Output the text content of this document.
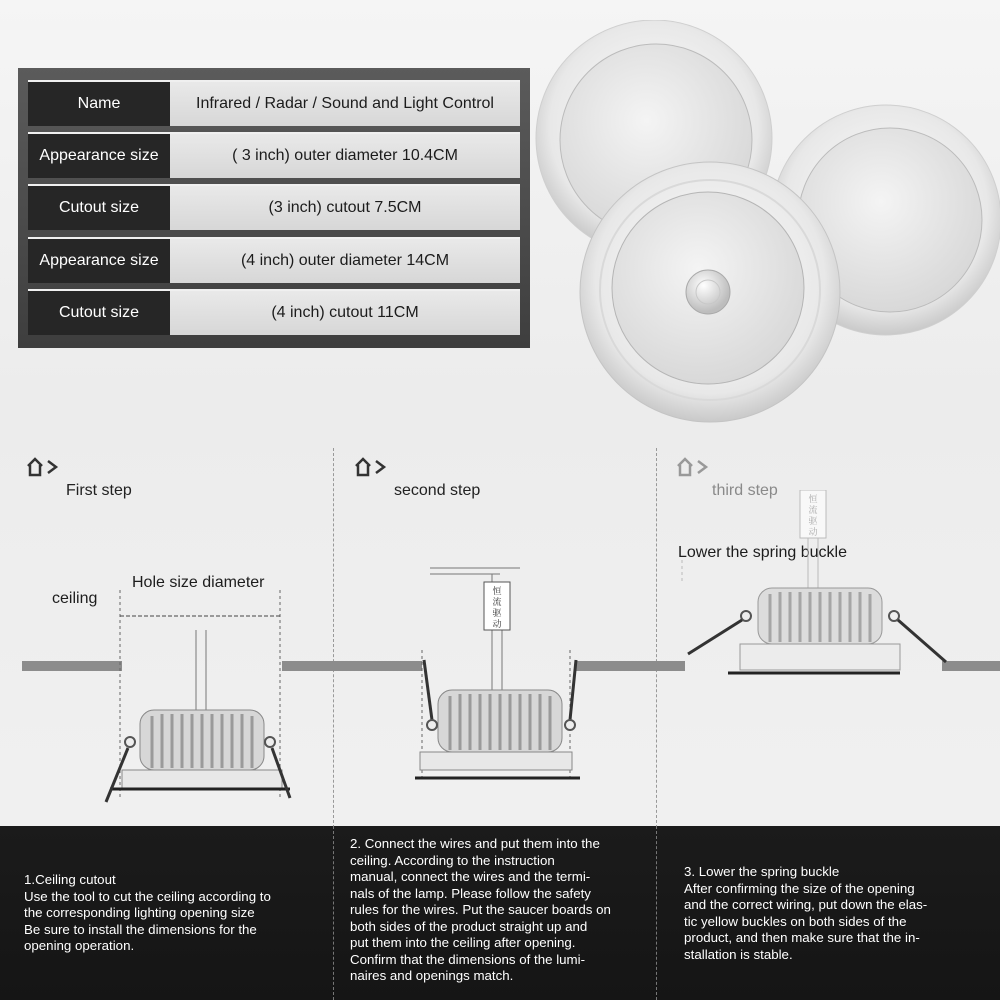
Name	Infrared / Radar / Sound and Light Control
Appearance size	( 3 inch) outer diameter 10.4CM
Cutout size	(3 inch) cutout 7.5CM
Appearance size	(4 inch) outer diameter 14CM
Cutout size	(4 inch) cutout 11CM
First step	second step	third step
ceiling
Hole size diameter
恒
流
驱
动
Lower the spring buckle
恒
流
驱
动
1.Ceiling cutout
Use the tool to cut the ceiling according to
the corresponding lighting opening size
Be sure to install the dimensions for the
opening operation.
2. Connect the wires and put them into the
ceiling. According to the instruction
manual, connect the wires and the termi-
nals of the lamp. Please follow the safety
rules for the wires. Put the saucer boards on
both sides of the product straight up and
put them into the ceiling after opening.
Confirm that the dimensions of the lumi-
naires and openings match.
3. Lower the spring buckle
After confirming the size of the opening
and the correct wiring, put down the elas-
tic yellow buckles on both sides of the
product, and then make sure that the in-
stallation is stable.
